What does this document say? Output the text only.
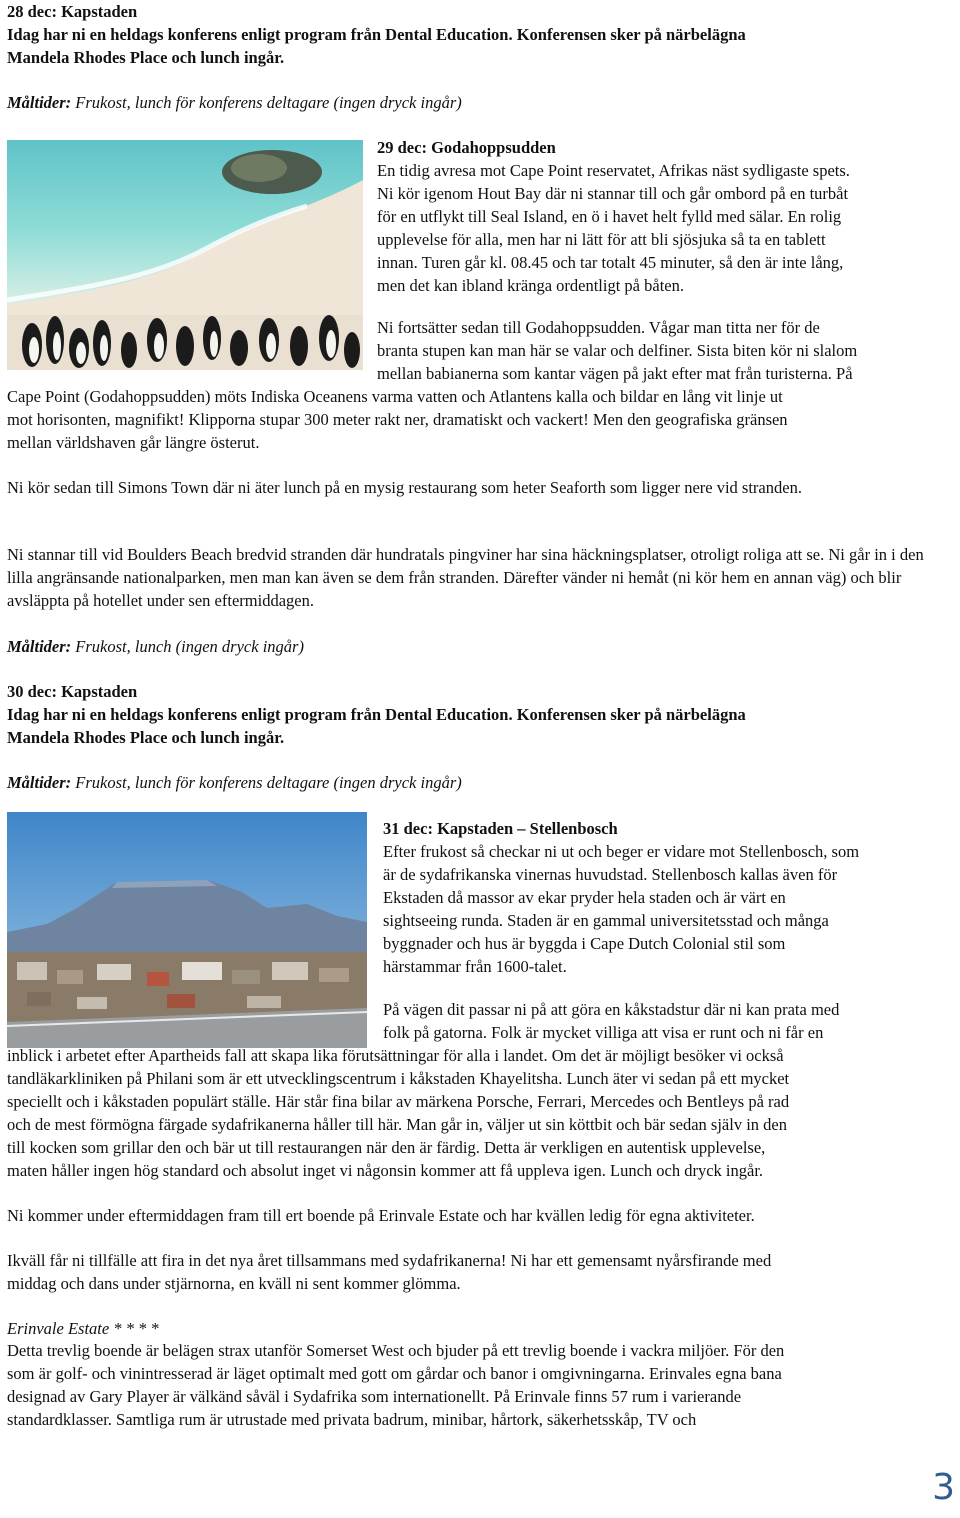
28 dec: Kapstaden

Idag har ni en heldags konferens enligt program från Dental Education. Konferensen sker på närbelägna

Mandela Rhodes Place och lunch ingår.

Måltider: Frukost, lunch för konferens deltagare (ingen dryck ingår)

29 dec: Godahoppsudden

En tidig avresa mot Cape Point reservatet, Afrikas näst sydligaste spets.

Ni kör igenom Hout Bay där ni stannar till och går ombord på en turbåt

för en utflykt till Seal Island, en ö i havet helt fylld med sälar. En rolig

upplevelse för alla, men har ni lätt för att bli sjösjuka så ta en tablett

innan. Turen går kl. 08.45 och tar totalt 45 minuter, så den är inte lång,

men det kan ibland kränga ordentligt på båten.

Ni fortsätter sedan till Godahoppsudden. Vågar man titta ner för de

branta stupen kan man här se valar och delfiner. Sista biten kör ni slalom

mellan babianerna som kantar vägen på jakt efter mat från turisterna. På

Cape Point (Godahoppsudden) möts Indiska Oceanens varma vatten och Atlantens kalla och bildar en lång vit linje ut

mot horisonten, magnifikt! Klipporna stupar 300 meter rakt ner, dramatiskt och vackert! Men den geografiska gränsen

mellan världshaven går längre österut.

Ni kör sedan till Simons Town där ni äter lunch på en mysig restaurang som heter Seaforth som ligger nere vid stranden.

Ni stannar till vid Boulders Beach bredvid stranden där hundratals pingviner har sina häckningsplatser, otroligt roliga att se. Ni går in i den lilla angränsande nationalparken, men man kan även se dem från stranden. Därefter vänder ni hemåt (ni kör hem en annan väg) och blir avsläppta på hotellet under sen eftermiddagen.

Måltider: Frukost, lunch (ingen dryck ingår)

30 dec: Kapstaden

Idag har ni en heldags konferens enligt program från Dental Education. Konferensen sker på närbelägna

Mandela Rhodes Place och lunch ingår.

Måltider: Frukost, lunch för konferens deltagare (ingen dryck ingår)

31 dec: Kapstaden – Stellenbosch

Efter frukost så checkar ni ut och beger er vidare mot Stellenbosch, som

är de sydafrikanska vinernas huvudstad. Stellenbosch kallas även för

Ekstaden då massor av ekar pryder hela staden och är värt en

sightseeing runda. Staden är en gammal universitetsstad och många

byggnader och hus är byggda i Cape Dutch Colonial stil som

härstammar från 1600-talet.

På vägen dit passar ni på att göra en kåkstadstur där ni kan prata med

folk på gatorna. Folk är mycket villiga att visa er runt och ni får en

inblick i arbetet efter Apartheids fall att skapa lika förutsättningar för alla i landet. Om det är möjligt besöker vi också

tandläkarkliniken på Philani som är ett utvecklingscentrum i kåkstaden Khayelitsha. Lunch äter vi sedan på ett mycket

speciellt och i kåkstaden populärt ställe. Här står fina bilar av märkena Porsche, Ferrari, Mercedes och Bentleys på rad

och de mest förmögna färgade sydafrikanerna håller till här. Man går in, väljer ut sin köttbit och bär sedan själv in den

till kocken som grillar den och bär ut till restaurangen när den är färdig. Detta är verkligen en autentisk upplevelse,

maten håller ingen hög standard och absolut inget vi någonsin kommer att få uppleva igen. Lunch och dryck ingår.

Ni kommer under eftermiddagen fram till ert boende på Erinvale Estate och har kvällen ledig för egna aktiviteter.

Ikväll får ni tillfälle att fira in det nya året tillsammans med sydafrikanerna! Ni har ett gemensamt nyårsfirande med

middag och dans under stjärnorna, en kväll ni sent kommer glömma.

Erinvale Estate * * * *

Detta trevlig boende är belägen strax utanför Somerset West och bjuder på ett trevlig boende i vackra miljöer. För den

som är golf- och vinintresserad är läget optimalt med gott om gårdar och banor i omgivningarna. Erinvales egna bana

designad av Gary Player är välkänd såväl i Sydafrika som internationellt. På Erinvale finns 57 rum i varierande

standardklasser. Samtliga rum är utrustade med privata badrum, minibar, hårtork, säkerhetsskåp, TV och

3
